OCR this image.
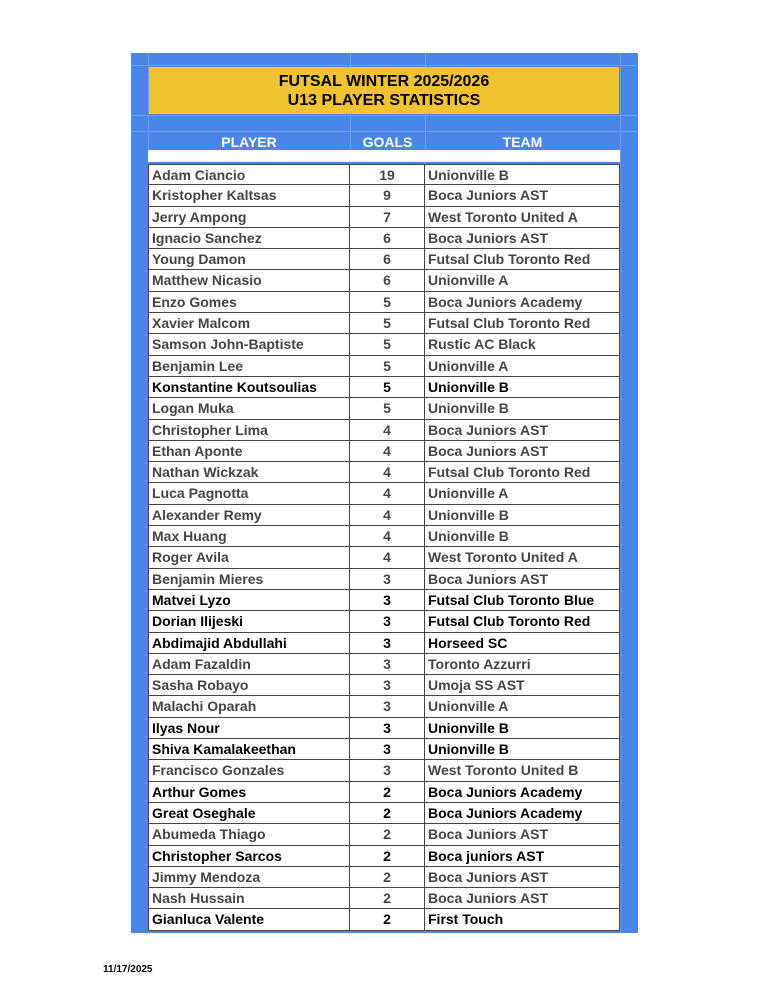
FUTSAL WINTER 2025/2026
U13 PLAYER STATISTICS
PLAYER	GOALS	TEAM
Adam Ciancio	19	Unionville B
Kristopher Kaltsas	9	Boca Juniors AST
Jerry Ampong	7	West Toronto United A
Ignacio Sanchez	6	Boca Juniors AST
Young Damon	6	Futsal Club Toronto Red
Matthew Nicasio	6	Unionville A
Enzo Gomes	5	Boca Juniors Academy
Xavier Malcom	5	Futsal Club Toronto Red
Samson John-Baptiste	5	Rustic AC Black
Benjamin Lee	5	Unionville A
Konstantine Koutsoulias	5	Unionville B
Logan Muka	5	Unionville B
Christopher Lima	4	Boca Juniors AST
Ethan Aponte	4	Boca Juniors AST
Nathan Wickzak	4	Futsal Club Toronto Red
Luca Pagnotta	4	Unionville A
Alexander Remy	4	Unionville B
Max Huang	4	Unionville B
Roger Avila	4	West Toronto United A
Benjamin Mieres	3	Boca Juniors AST
Matvei Lyzo	3	Futsal Club Toronto Blue
Dorian Ilijeski	3	Futsal Club Toronto Red
Abdimajid Abdullahi	3	Horseed SC
Adam Fazaldin	3	Toronto Azzurri
Sasha Robayo	3	Umoja SS AST
Malachi Oparah	3	Unionville A
Ilyas Nour	3	Unionville B
Shiva Kamalakeethan	3	Unionville B
Francisco Gonzales	3	West Toronto United B
Arthur Gomes	2	Boca Juniors Academy
Great Oseghale	2	Boca Juniors Academy
Abumeda Thiago	2	Boca Juniors AST
Christopher Sarcos	2	Boca juniors AST
Jimmy Mendoza	2	Boca Juniors AST
Nash Hussain	2	Boca Juniors AST
Gianluca Valente	2	First Touch
11/17/2025
